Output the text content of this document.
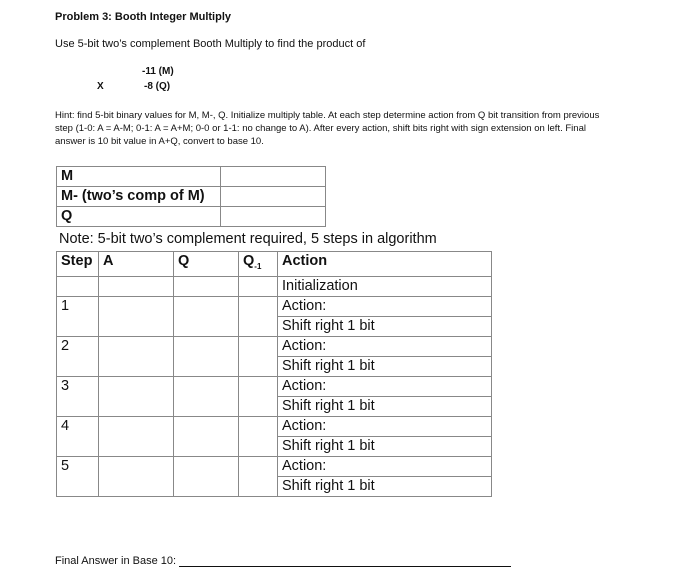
Problem 3: Booth Integer Multiply
Use 5-bit two’s complement Booth Multiply to find the product of
-11 (M)
X	-8 (Q)
Hint: find 5-bit binary values for M, M-, Q. Initialize multiply table. At each step determine action from Q bit transition from previous step (1-0: A = A-M; 0-1: A = A+M; 0-0 or 1-1: no change to A). After every action, shift bits right with sign extension on left. Final answer is 10 bit value in A+Q, convert to base 10.
M	
M- (two’s comp of M)	
Q	
Note: 5-bit two’s complement required, 5 steps in algorithm
Step	A	Q	$Q_{-1}$	Action
				Initialization
1				Action:
				Shift right 1 bit
2				Action:
				Shift right 1 bit
3				Action:
				Shift right 1 bit
4				Action:
				Shift right 1 bit
5				Action:
				Shift right 1 bit
Final Answer in Base 10:
